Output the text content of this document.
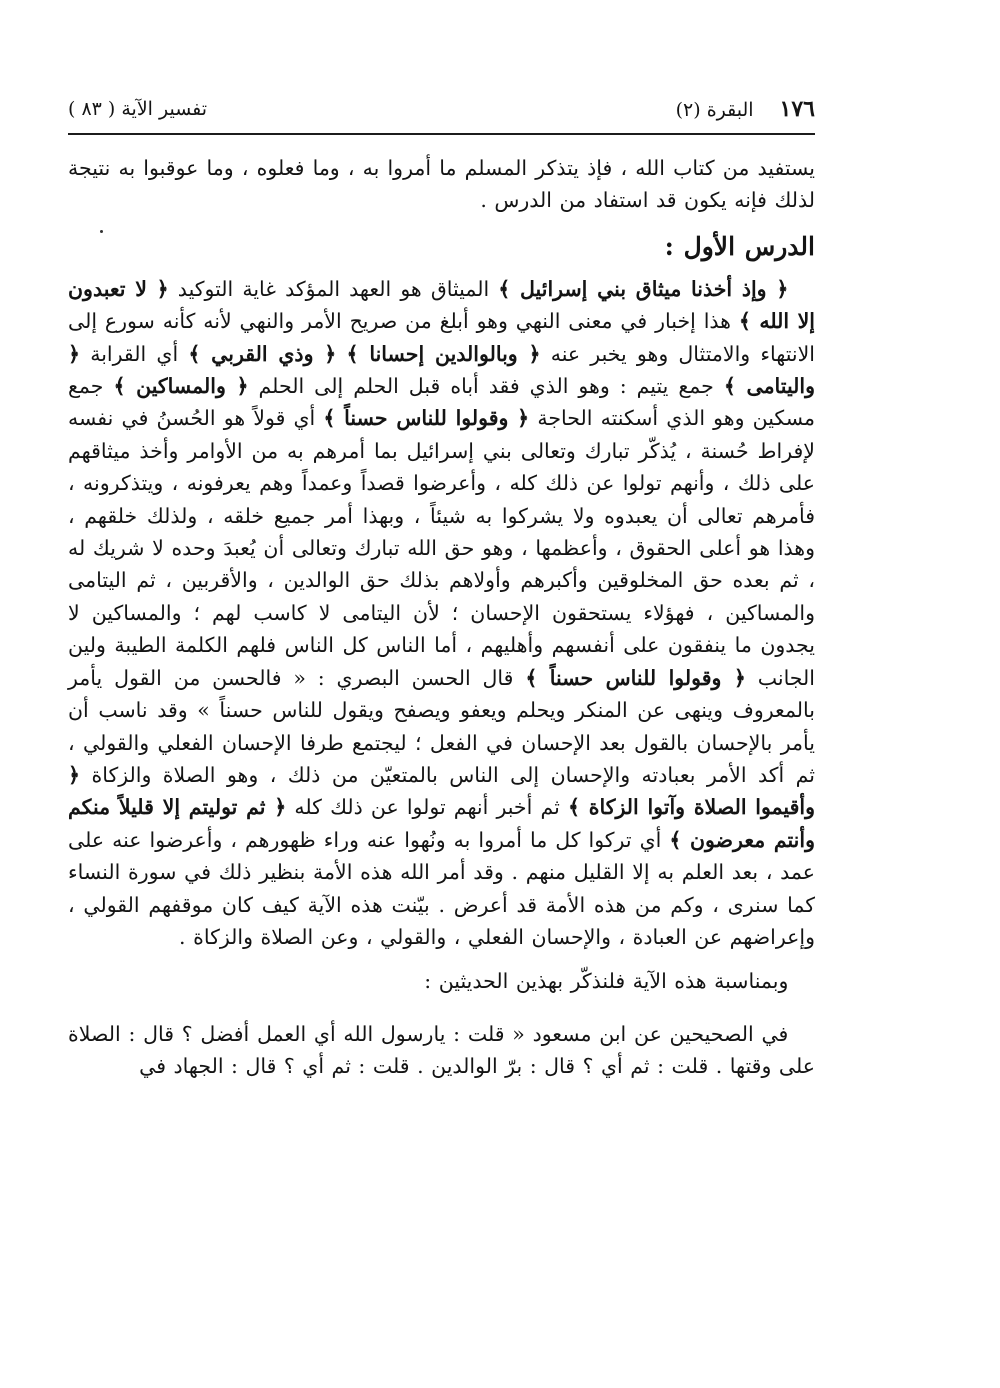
١٧٦
(٢) البقرة
تفسير الآية ( ٨٣ )

يستفيد من كتاب الله ، فإذ يتذكر المسلم ما أمروا به ، وما فعلوه ، وما عوقبوا به نتيجة لذلك فإنه يكون قد استفاد من الدرس .

الدرس الأول :

﴿ وإذ أخذنا ميثاق بني إسرائيل ﴾ الميثاق هو العهد المؤكد غاية التوكيد ﴿ لا تعبدون إلا الله ﴾ هذا إخبار في معنى النهي وهو أبلغ من صريح الأمر والنهي لأنه كأنه سورع إلى الانتهاء والامتثال وهو يخبر عنه ﴿ وبالوالدين إحسانا ﴾ ﴿ وذي القربي ﴾ أي القرابة ﴿ واليتامى ﴾ جمع يتيم : وهو الذي فقد أباه قبل الحلم إلى الحلم ﴿ والمساكين ﴾ جمع مسكين وهو الذي أسكنته الحاجة ﴿ وقولوا للناس حسناً ﴾ أي قولاً هو الحُسنُ في نفسه لإفراط حُسنة ، يُذكّر تبارك وتعالى بني إسرائيل بما أمرهم به من الأوامر وأخذ ميثاقهم على ذلك ، وأنهم تولوا عن ذلك كله ، وأعرضوا قصداً وعمداً وهم يعرفونه ، ويتذكرونه ، فأمرهم تعالى أن يعبدوه ولا يشركوا به شيئاً ، وبهذا أمر جميع خلقه ، ولذلك خلقهم ، وهذا هو أعلى الحقوق ، وأعظمها ، وهو حق الله تبارك وتعالى أن يُعبدَ وحده لا شريك له ، ثم بعده حق المخلوقين وأكبرهم وأولاهم بذلك حق الوالدين ، والأقربين ، ثم اليتامى والمساكين ، فهؤلاء يستحقون الإحسان ؛ لأن اليتامى لا كاسب لهم ؛ والمساكين لا يجدون ما ينفقون على أنفسهم وأهليهم ، أما الناس كل الناس فلهم الكلمة الطيبة ولين الجانب ﴿ وقولوا للناس حسناً ﴾ قال الحسن البصري : « فالحسن من القول يأمر بالمعروف وينهى عن المنكر ويحلم ويعفو ويصفح ويقول للناس حسناً » وقد ناسب أن يأمر بالإحسان بالقول بعد الإحسان في الفعل ؛ ليجتمع طرفا الإحسان الفعلي والقولي ، ثم أكد الأمر بعبادته والإحسان إلى الناس بالمتعيّن من ذلك ، وهو الصلاة والزكاة ﴿ وأقيموا الصلاة وآتوا الزكاة ﴾ ثم أخبر أنهم تولوا عن ذلك كله ﴿ ثم توليتم إلا قليلاً منكم وأنتم معرضون ﴾ أي تركوا كل ما أمروا به ونُهوا عنه وراء ظهورهم ، وأعرضوا عنه على عمد ، بعد العلم به إلا القليل منهم . وقد أمر الله هذه الأمة بنظير ذلك في سورة النساء كما سنرى ، وكم من هذه الأمة قد أعرض . بيّنت هذه الآية كيف كان موقفهم القولي ، وإعراضهم عن العبادة ، والإحسان الفعلي ، والقولي ، وعن الصلاة والزكاة .

وبمناسبة هذه الآية فلنذكّر بهذين الحديثين :

في الصحيحين عن ابن مسعود « قلت : يارسول الله أي العمل أفضل ؟ قال : الصلاة على وقتها . قلت : ثم أي ؟ قال : برّ الوالدين . قلت : ثم أي ؟ قال : الجهاد في
